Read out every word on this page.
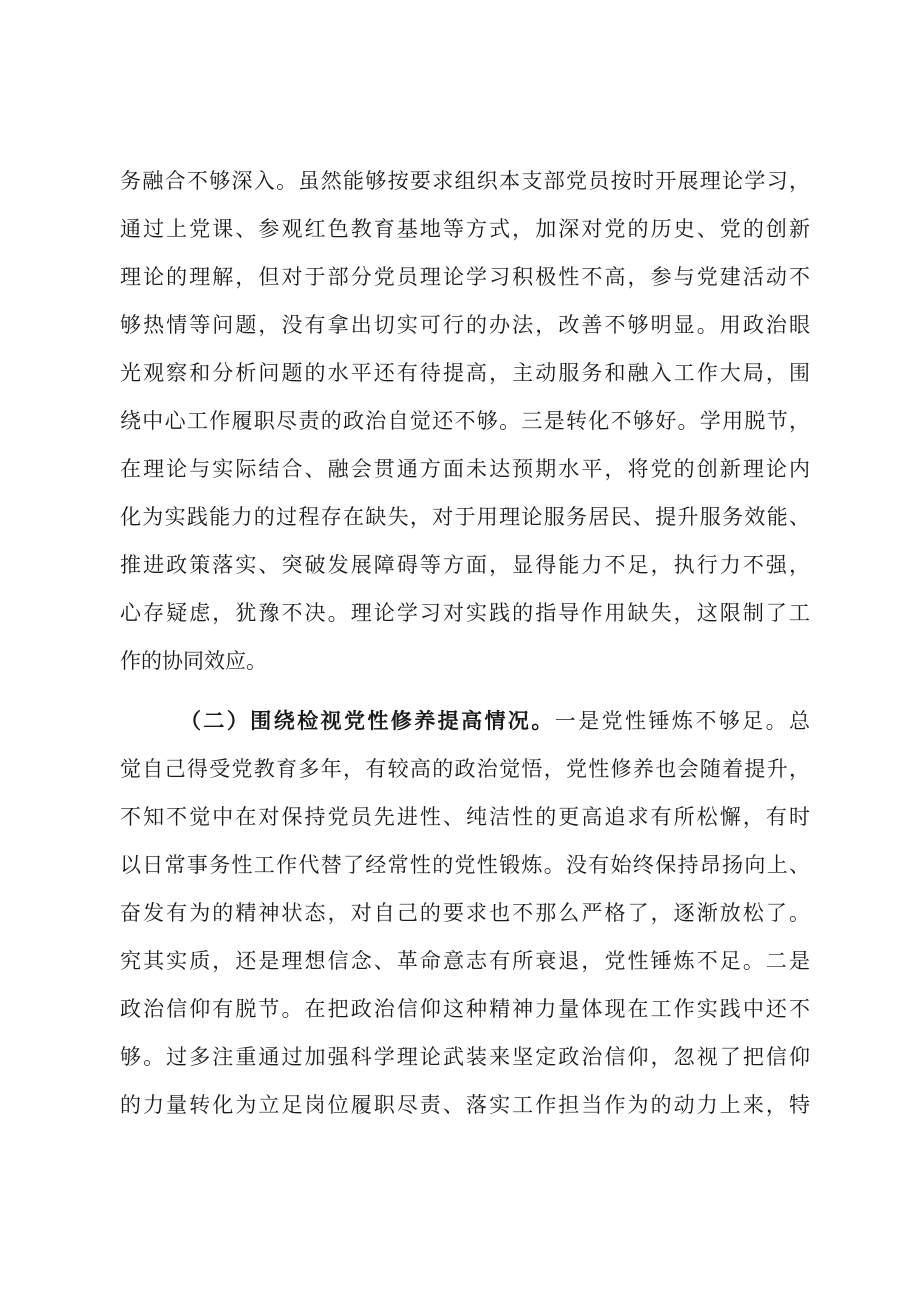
务融合不够深入。虽然能够按要求组织本支部党员按时开展理论学习，
通过上党课、参观红色教育基地等方式，加深对党的历史、党的创新
理论的理解，但对于部分党员理论学习积极性不高，参与党建活动不
够热情等问题，没有拿出切实可行的办法，改善不够明显。用政治眼
光观察和分析问题的水平还有待提高，主动服务和融入工作大局，围
绕中心工作履职尽责的政治自觉还不够。三是转化不够好。学用脱节，
在理论与实际结合、融会贯通方面未达预期水平，将党的创新理论内
化为实践能力的过程存在缺失，对于用理论服务居民、提升服务效能、
推进政策落实、突破发展障碍等方面，显得能力不足，执行力不强，
心存疑虑，犹豫不决。理论学习对实践的指导作用缺失，这限制了工
作的协同效应。
（二）围绕检视党性修养提高情况。一是党性锤炼不够足。总
觉自己得受党教育多年，有较高的政治觉悟，党性修养也会随着提升，
不知不觉中在对保持党员先进性、纯洁性的更高追求有所松懈，有时
以日常事务性工作代替了经常性的党性锻炼。没有始终保持昂扬向上、
奋发有为的精神状态，对自己的要求也不那么严格了，逐渐放松了。
究其实质，还是理想信念、革命意志有所衰退，党性锤炼不足。二是
政治信仰有脱节。在把政治信仰这种精神力量体现在工作实践中还不
够。过多注重通过加强科学理论武装来坚定政治信仰，忽视了把信仰
的力量转化为立足岗位履职尽责、落实工作担当作为的动力上来，特
